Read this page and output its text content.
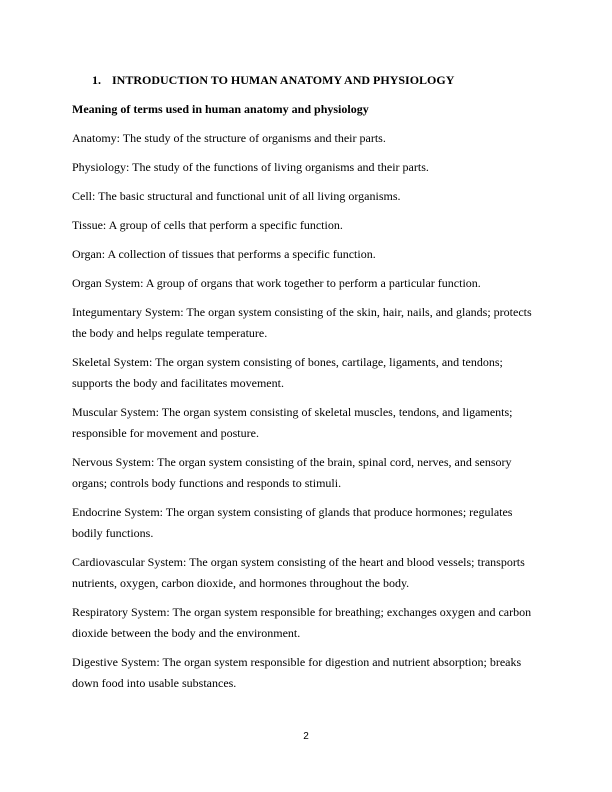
1. INTRODUCTION TO HUMAN ANATOMY AND PHYSIOLOGY
Meaning of terms used in human anatomy and physiology

Anatomy: The study of the structure of organisms and their parts.

Physiology: The study of the functions of living organisms and their parts.

Cell: The basic structural and functional unit of all living organisms.

Tissue: A group of cells that perform a specific function.

Organ: A collection of tissues that performs a specific function.

Organ System: A group of organs that work together to perform a particular function.

Integumentary System: The organ system consisting of the skin, hair, nails, and glands; protects the body and helps regulate temperature.

Skeletal System: The organ system consisting of bones, cartilage, ligaments, and tendons; supports the body and facilitates movement.

Muscular System: The organ system consisting of skeletal muscles, tendons, and ligaments; responsible for movement and posture.

Nervous System: The organ system consisting of the brain, spinal cord, nerves, and sensory organs; controls body functions and responds to stimuli.

Endocrine System: The organ system consisting of glands that produce hormones; regulates bodily functions.

Cardiovascular System: The organ system consisting of the heart and blood vessels; transports nutrients, oxygen, carbon dioxide, and hormones throughout the body.

Respiratory System: The organ system responsible for breathing; exchanges oxygen and carbon dioxide between the body and the environment.

Digestive System: The organ system responsible for digestion and nutrient absorption; breaks down food into usable substances.

2
